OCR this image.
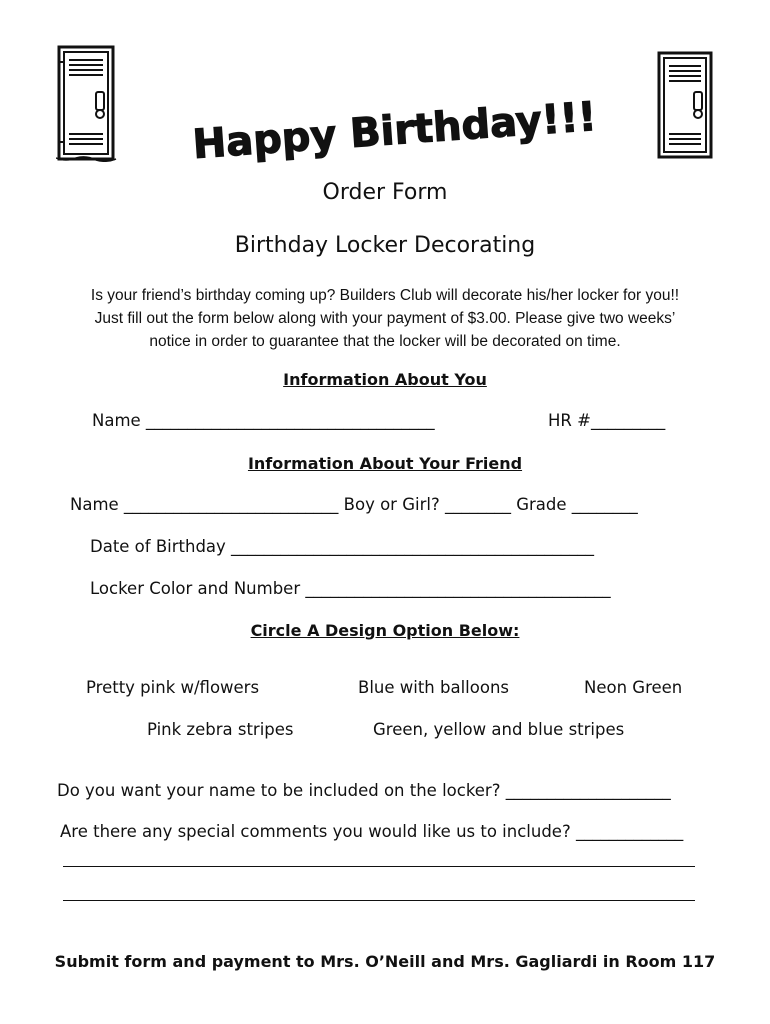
Happy Birthday!!!
Order Form
Birthday Locker Decorating
Is your friend’s birthday coming up? Builders Club will decorate his/her locker for you!!
Just fill out the form below along with your payment of $3.00. Please give two weeks’
notice in order to guarantee that the locker will be decorated on time.
Information About You
Name ___________________________________	HR #_________
Information About Your Friend
Name __________________________ Boy or Girl? ________ Grade ________
Date of Birthday ____________________________________________
Locker Color and Number _____________________________________
Circle A Design Option Below:
Pretty pink w/flowers	Blue with balloons	Neon Green
Pink zebra stripes	Green, yellow and blue stripes
Do you want your name to be included on the locker? ____________________
Are there any special comments you would like us to include? _____________
Submit form and payment to Mrs. O’Neill and Mrs. Gagliardi in Room 117
